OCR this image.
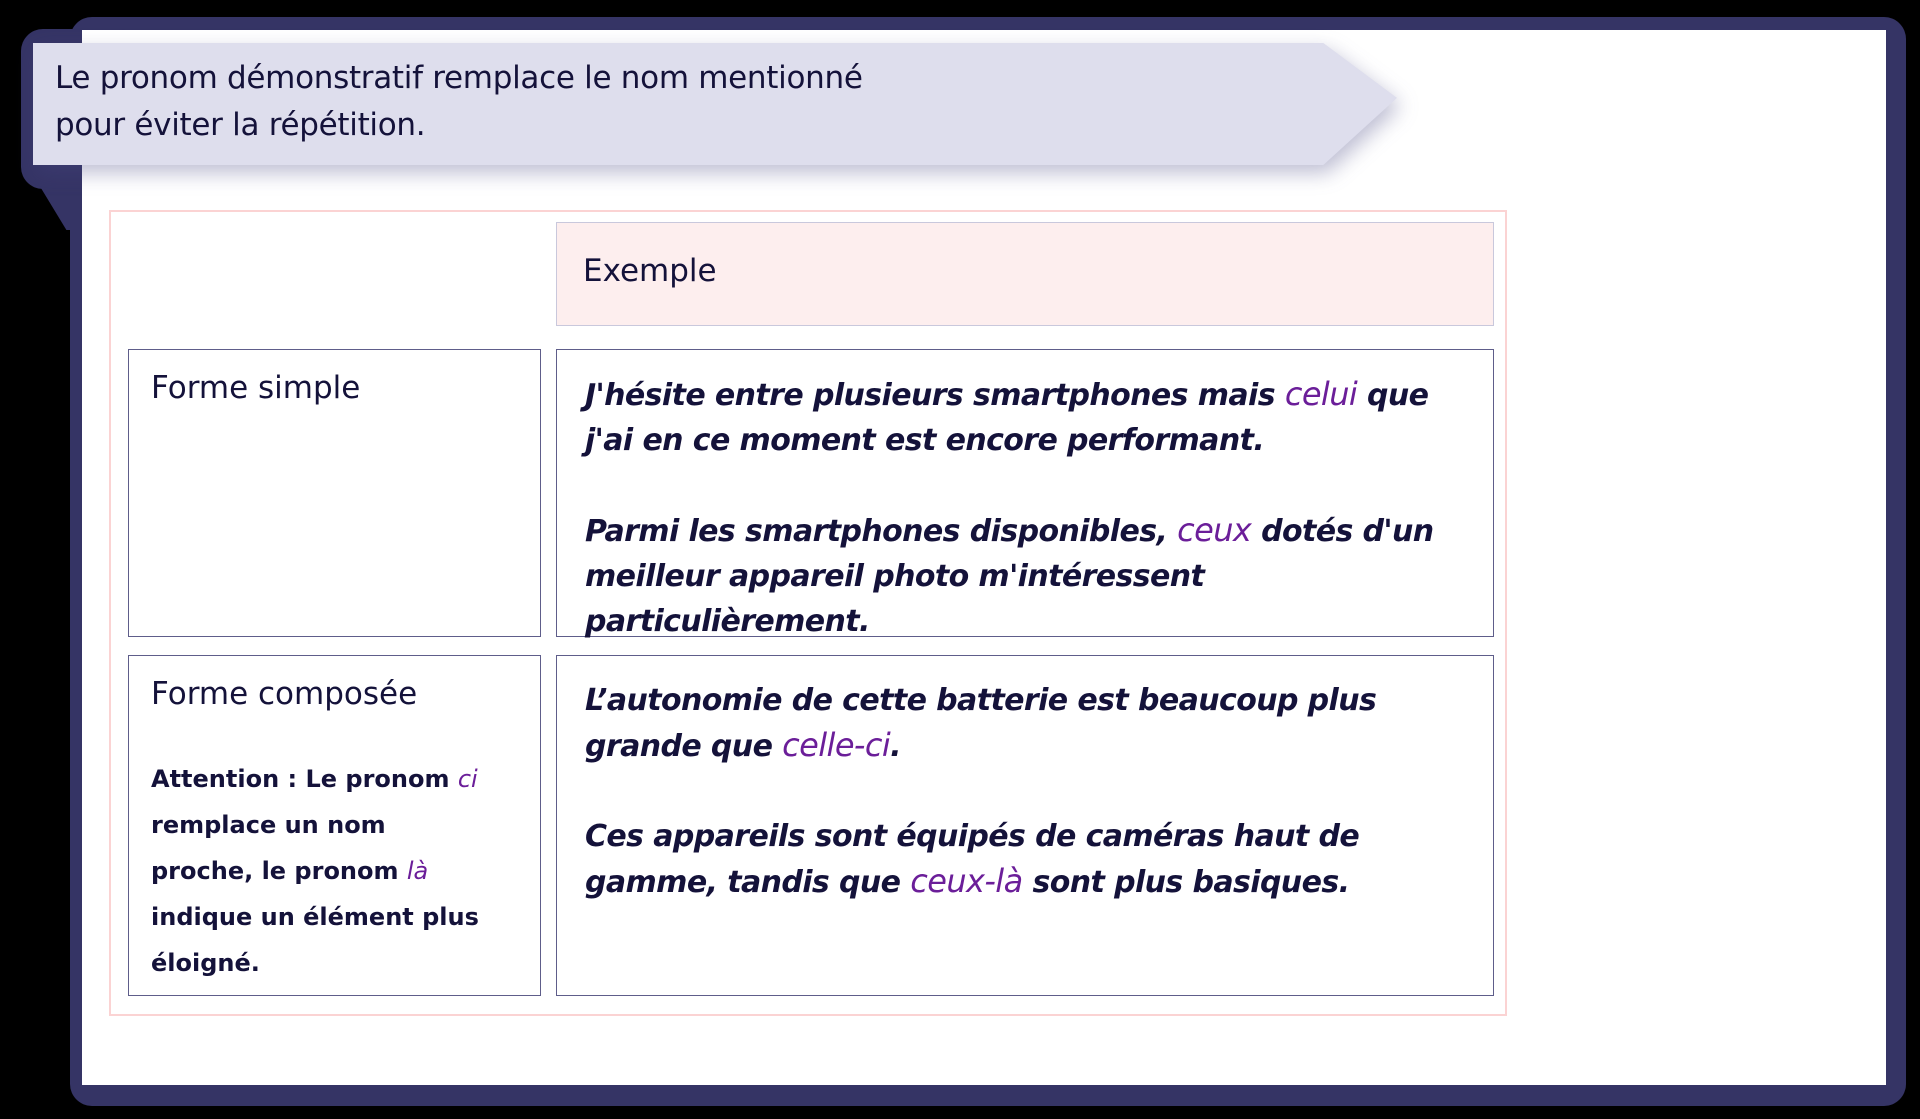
Le pronom démonstratif remplace le nom mentionné
pour éviter la répétition.
Exemple
Forme simple	J'hésite entre plusieurs smartphones mais celui que j'ai en ce moment est encore performant.

Parmi les smartphones disponibles, ceux dotés d'un meilleur appareil photo m'intéressent particulièrement.

Forme composée
Attention : Le pronom ci remplace un nom proche, le pronom là indique un élément plus éloigné.

L’autonomie de cette batterie est beaucoup plus grande que celle-ci.

Ces appareils sont équipés de caméras haut de gamme, tandis que ceux-là sont plus basiques.
